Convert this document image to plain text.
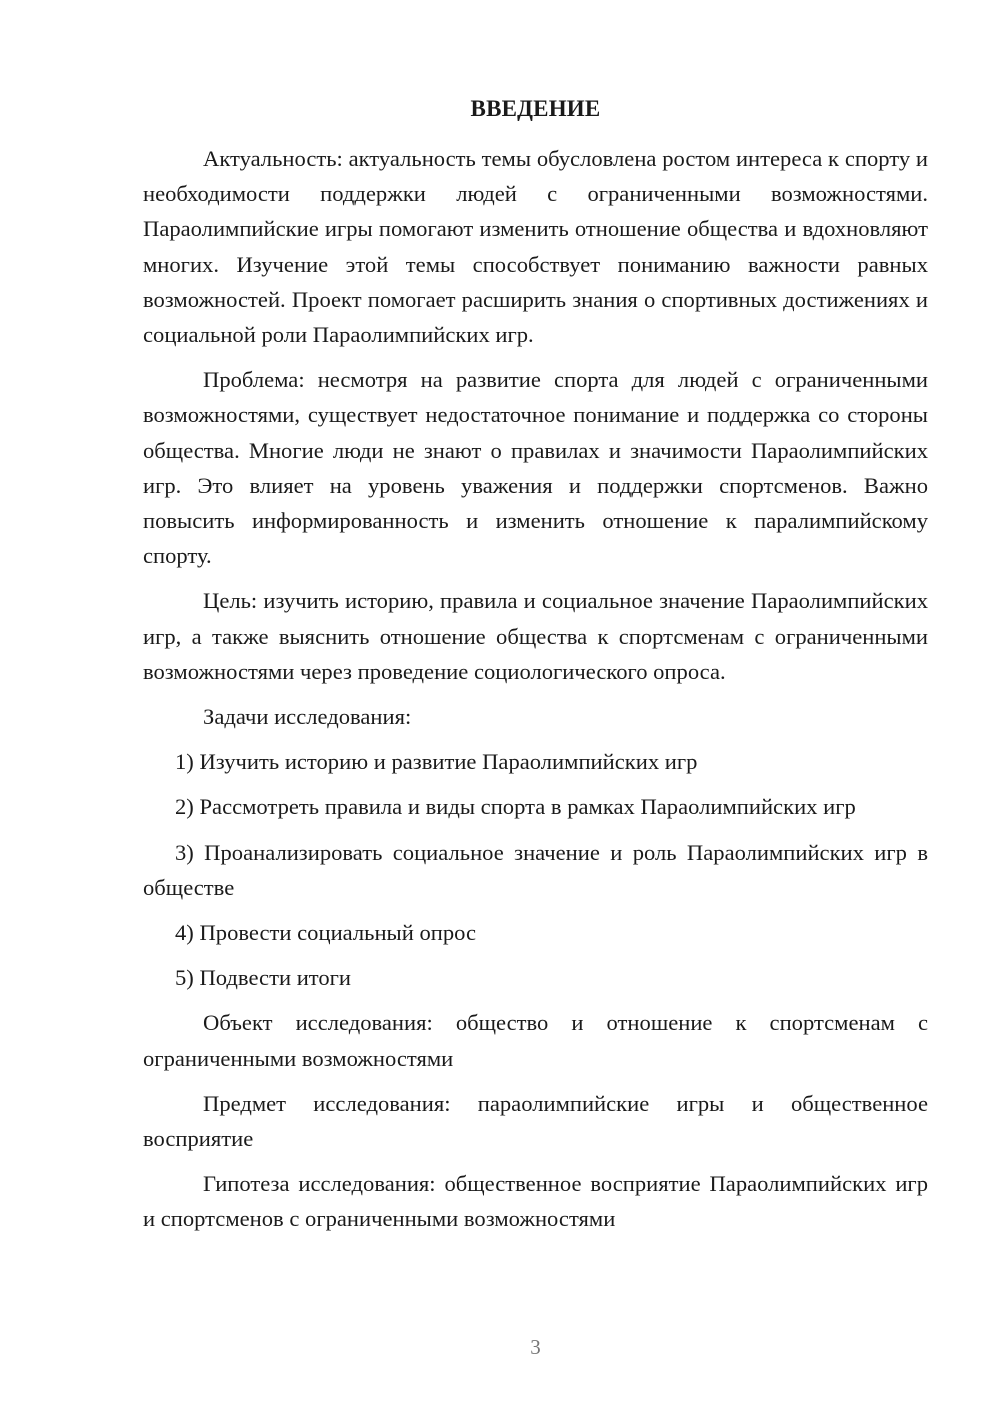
ВВЕДЕНИЕ

Актуальность: актуальность темы обусловлена ростом интереса к спорту и необходимости поддержки людей с ограниченными возможностями. Параолимпийские игры помогают изменить отношение общества и вдохновляют многих. Изучение этой темы способствует пониманию важности равных возможностей. Проект помогает расширить знания о спортивных достижениях и социальной роли Параолимпийских игр.

Проблема: несмотря на развитие спорта для людей с ограниченными возможностями, существует недостаточное понимание и поддержка со стороны общества. Многие люди не знают о правилах и значимости Параолимпийских игр. Это влияет на уровень уважения и поддержки спортсменов. Важно повысить информированность и изменить отношение к паралимпийскому спорту.

Цель: изучить историю, правила и социальное значение Параолимпийских игр, а также выяснить отношение общества к спортсменам с ограниченными возможностями через проведение социологического опроса.

Задачи исследования:

1) Изучить историю и развитие Параолимпийских игр

2) Рассмотреть правила и виды спорта в рамках Параолимпийских игр

3) Проанализировать социальное значение и роль Параолимпийских игр в обществе

4) Провести социальный опрос

5) Подвести итоги

Объект исследования: общество и отношение к спортсменам с ограниченными возможностями

Предмет исследования: параолимпийские игры и общественное восприятие

Гипотеза исследования: общественное восприятие Параолимпийских игр и спортсменов с ограниченными возможностями

3
